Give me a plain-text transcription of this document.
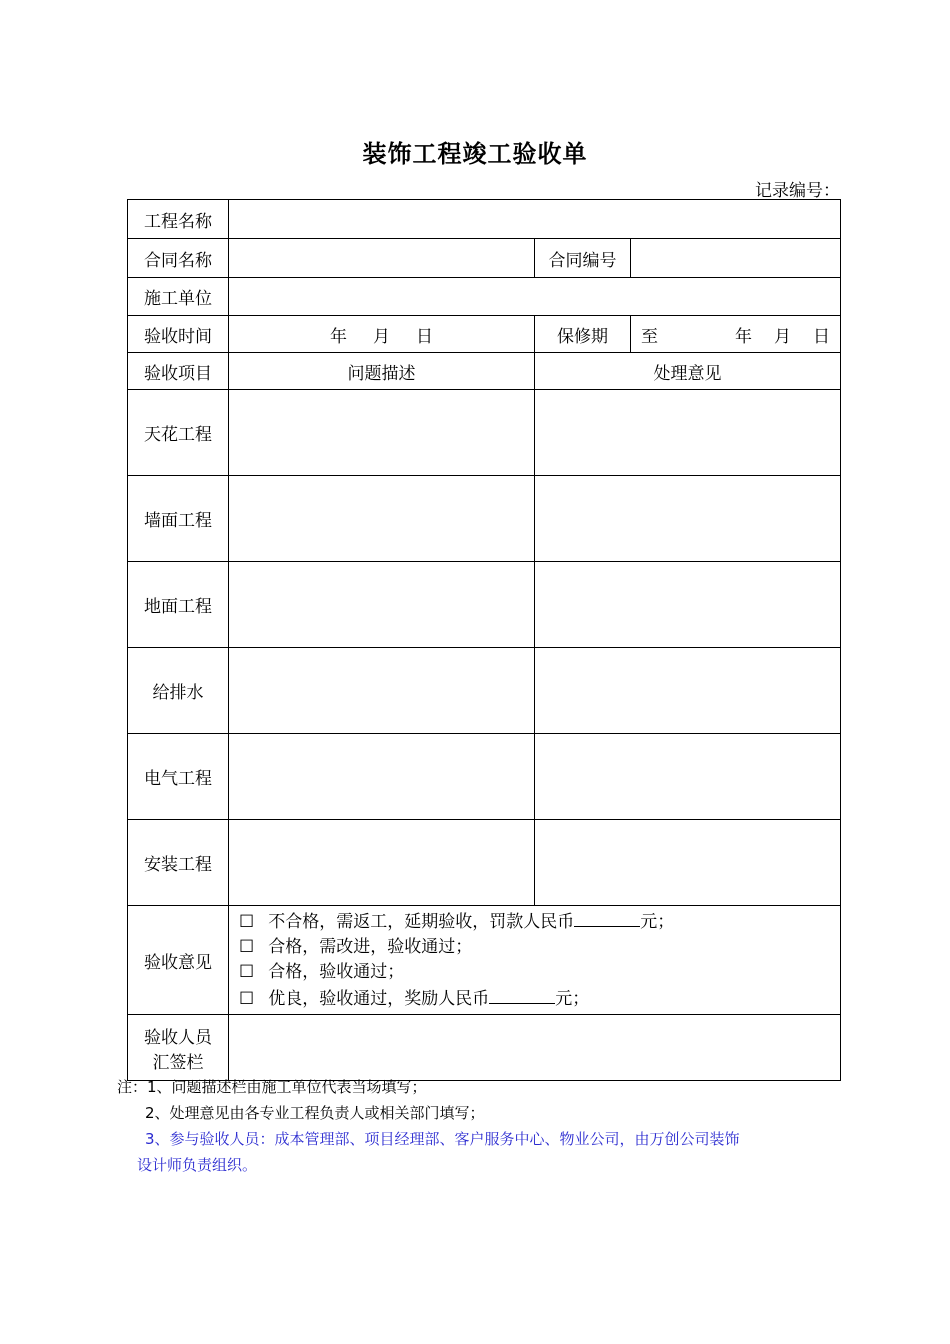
装饰工程竣工验收单
记录编号：
工程名称			
合同名称		合同编号	
施工单位			
验收时间	年 月 日	保修期	至 年 月 日

验收项目	问题描述	处理意见	
天花工程			
墙面工程			
地面工程			
给排水			
电气工程			
安装工程			
验收意见	☐ 不合格，需返工，延期验收，罚款人民币 元；
☐ 合格，需改进，验收通过；
☐ 合格，验收通过；
☐ 优良，验收通过，奖励人民币 元；		

验收人员
汇签栏			

注：1、问题描述栏由施工单位代表当场填写；
2、处理意见由各专业工程负责人或相关部门填写；
3、参与验收人员：成本管理部、项目经理部、客户服务中心、物业公司，由万创公司装饰
设计师负责组织。
